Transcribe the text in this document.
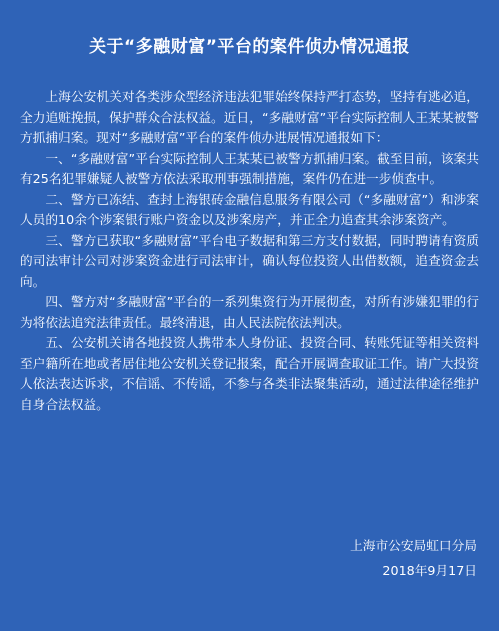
关于“多融财富”平台的案件侦办情况通报

上海公安机关对各类涉众型经济违法犯罪始终保持严打态势，坚持有逃必追，全力追赃挽损，保护群众合法权益。近日，“多融财富”平台实际控制人王某某被警方抓捕归案。现对“多融财富”平台的案件侦办进展情况通报如下：

一、“多融财富”平台实际控制人王某某已被警方抓捕归案。截至目前，该案共有25名犯罪嫌疑人被警方依法采取刑事强制措施，案件仍在进一步侦查中。

二、警方已冻结、查封上海银砖金融信息服务有限公司（“多融财富”）和涉案人员的10余个涉案银行账户资金以及涉案房产，并正全力追查其余涉案资产。

三、警方已获取“多融财富”平台电子数据和第三方支付数据，同时聘请有资质的司法审计公司对涉案资金进行司法审计，确认每位投资人出借数额，追查资金去向。

四、警方对“多融财富”平台的一系列集资行为开展彻查，对所有涉嫌犯罪的行为将依法追究法律责任。最终清退，由人民法院依法判决。

五、公安机关请各地投资人携带本人身份证、投资合同、转账凭证等相关资料至户籍所在地或者居住地公安机关登记报案，配合开展调查取证工作。请广大投资人依法表达诉求，不信谣、不传谣，不参与各类非法聚集活动，通过法律途径维护自身合法权益。

上海市公安局虹口分局
2018年9月17日
